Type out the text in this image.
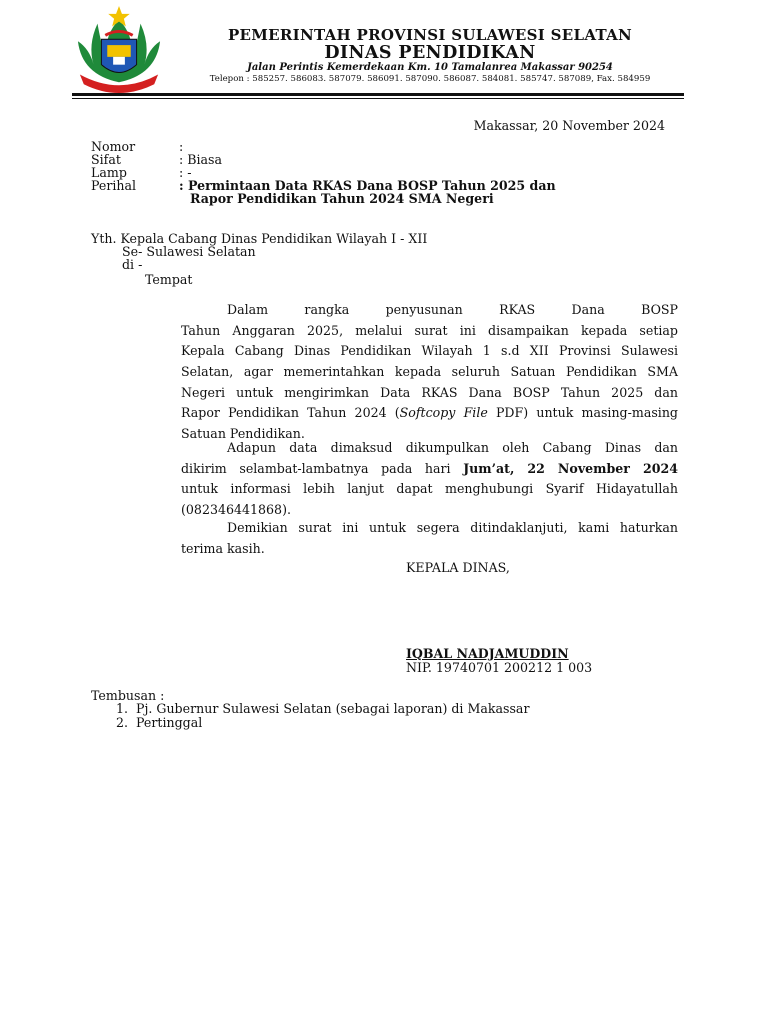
PEMERINTAH PROVINSI SULAWESI SELATAN
DINAS PENDIDIKAN
Jalan Perintis Kemerdekaan Km. 10 Tamalanrea Makassar 90254
Telepon : 585257. 586083. 587079. 586091. 587090. 586087. 584081. 585747. 587089, Fax. 584959
Makassar, 20 November 2024
Nomor	:
Sifat	: Biasa
Lamp	: -
Perihal	: Permintaan Data RKAS Dana BOSP Tahun 2025 dan
Rapor Pendidikan Tahun 2024 SMA Negeri
Yth. Kepala Cabang Dinas Pendidikan Wilayah I - XII
Se- Sulawesi Selatan
di -
Tempat
Dalam rangka penyusunan RKAS Dana BOSP
Tahun Anggaran 2025, melalui surat ini disampaikan kepada setiap
Kepala Cabang Dinas Pendidikan Wilayah 1 s.d XII Provinsi Sulawesi
Selatan, agar memerintahkan kepada seluruh Satuan Pendidikan SMA
Negeri untuk mengirimkan Data RKAS Dana BOSP Tahun 2025 dan
Rapor Pendidikan Tahun 2024 (Softcopy File PDF) untuk masing-masing
Satuan Pendidikan.
Adapun data dimaksud dikumpulkan oleh Cabang Dinas dan
dikirim selambat-lambatnya pada hari Jum’at, 22 November 2024
untuk informasi lebih lanjut dapat menghubungi Syarif Hidayatullah
(082346441868).
Demikian surat ini untuk segera ditindaklanjuti, kami haturkan
terima kasih.
KEPALA DINAS,
IQBAL NADJAMUDDIN
NIP. 19740701 200212 1 003
Tembusan :
1. Pj. Gubernur Sulawesi Selatan (sebagai laporan) di Makassar
2. Pertinggal
